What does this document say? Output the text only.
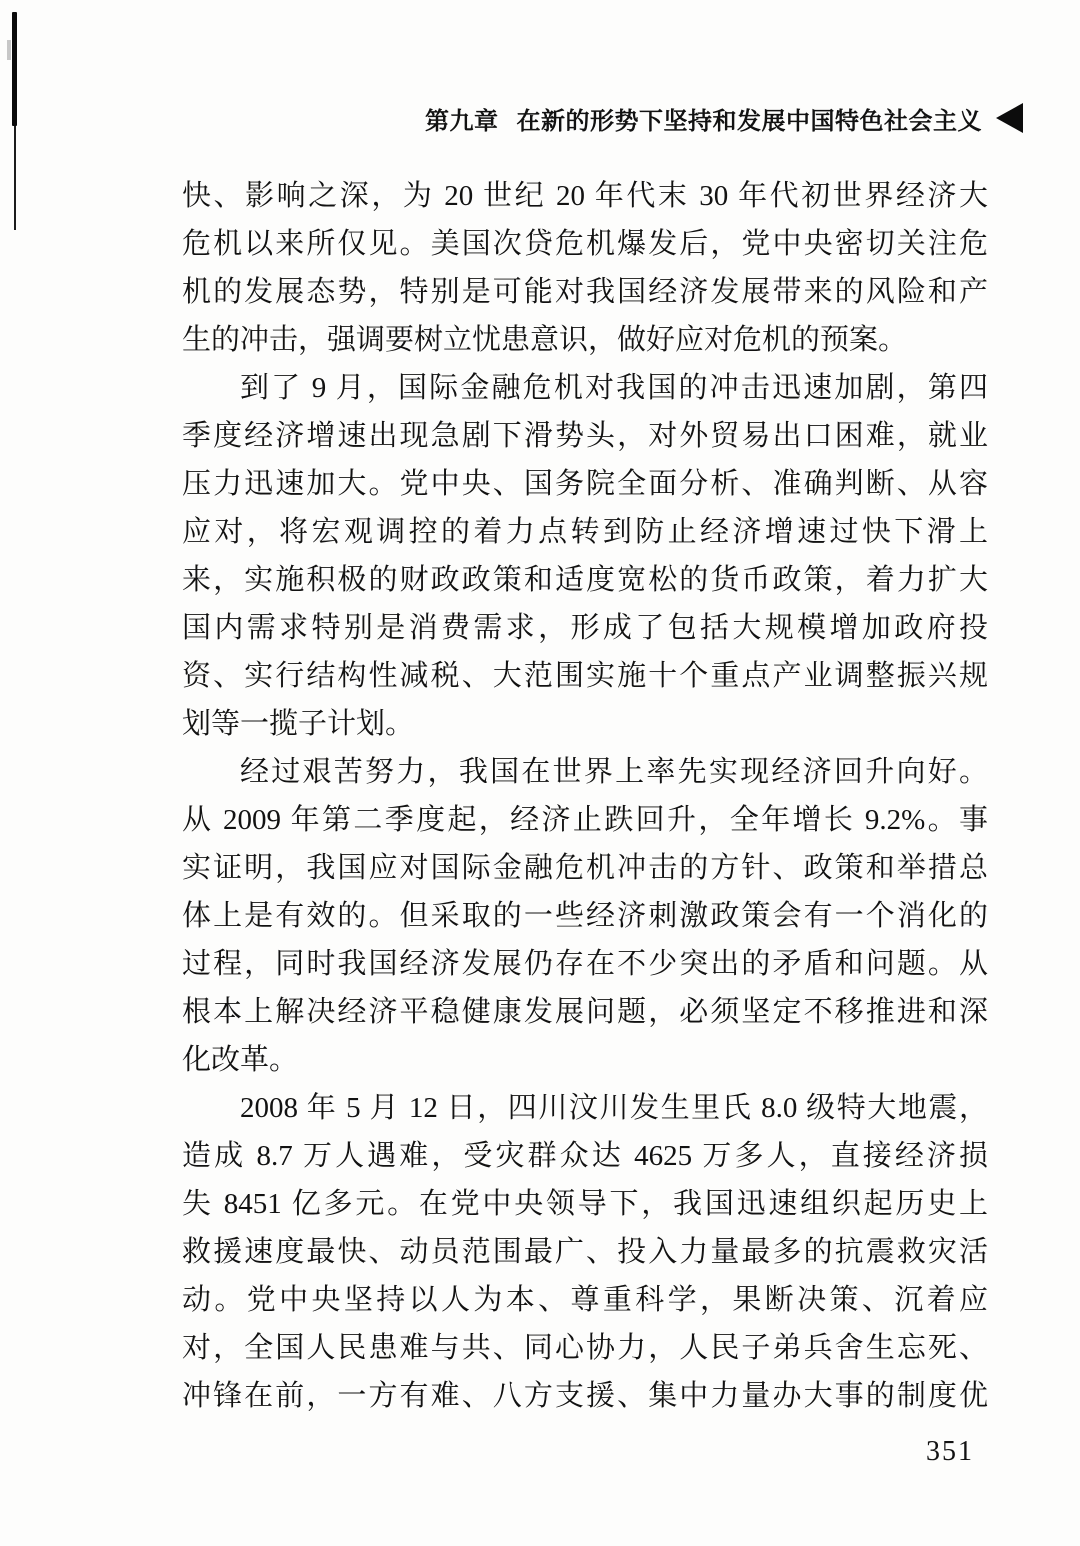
第九章 在新的形势下坚持和发展中国特色社会主义
快、影响之深，为 20 世纪 20 年代末 30 年代初世界经济大
危机以来所仅见。美国次贷危机爆发后，党中央密切关注危
机的发展态势，特别是可能对我国经济发展带来的风险和产
生的冲击，强调要树立忧患意识，做好应对危机的预案。
到了 9 月，国际金融危机对我国的冲击迅速加剧，第四
季度经济增速出现急剧下滑势头，对外贸易出口困难，就业
压力迅速加大。党中央、国务院全面分析、准确判断、从容
应对，将宏观调控的着力点转到防止经济增速过快下滑上
来，实施积极的财政政策和适度宽松的货币政策，着力扩大
国内需求特别是消费需求，形成了包括大规模增加政府投
资、实行结构性减税、大范围实施十个重点产业调整振兴规
划等一揽子计划。
经过艰苦努力，我国在世界上率先实现经济回升向好。
从 2009 年第二季度起，经济止跌回升，全年增长 9.2%。事
实证明，我国应对国际金融危机冲击的方针、政策和举措总
体上是有效的。但采取的一些经济刺激政策会有一个消化的
过程，同时我国经济发展仍存在不少突出的矛盾和问题。从
根本上解决经济平稳健康发展问题，必须坚定不移推进和深
化改革。
2008 年 5 月 12 日，四川汶川发生里氏 8.0 级特大地震，
造成 8.7 万人遇难，受灾群众达 4625 万多人，直接经济损
失 8451 亿多元。在党中央领导下，我国迅速组织起历史上
救援速度最快、动员范围最广、投入力量最多的抗震救灾活
动。党中央坚持以人为本、尊重科学，果断决策、沉着应
对，全国人民患难与共、同心协力，人民子弟兵舍生忘死、
冲锋在前，一方有难、八方支援、集中力量办大事的制度优
351
